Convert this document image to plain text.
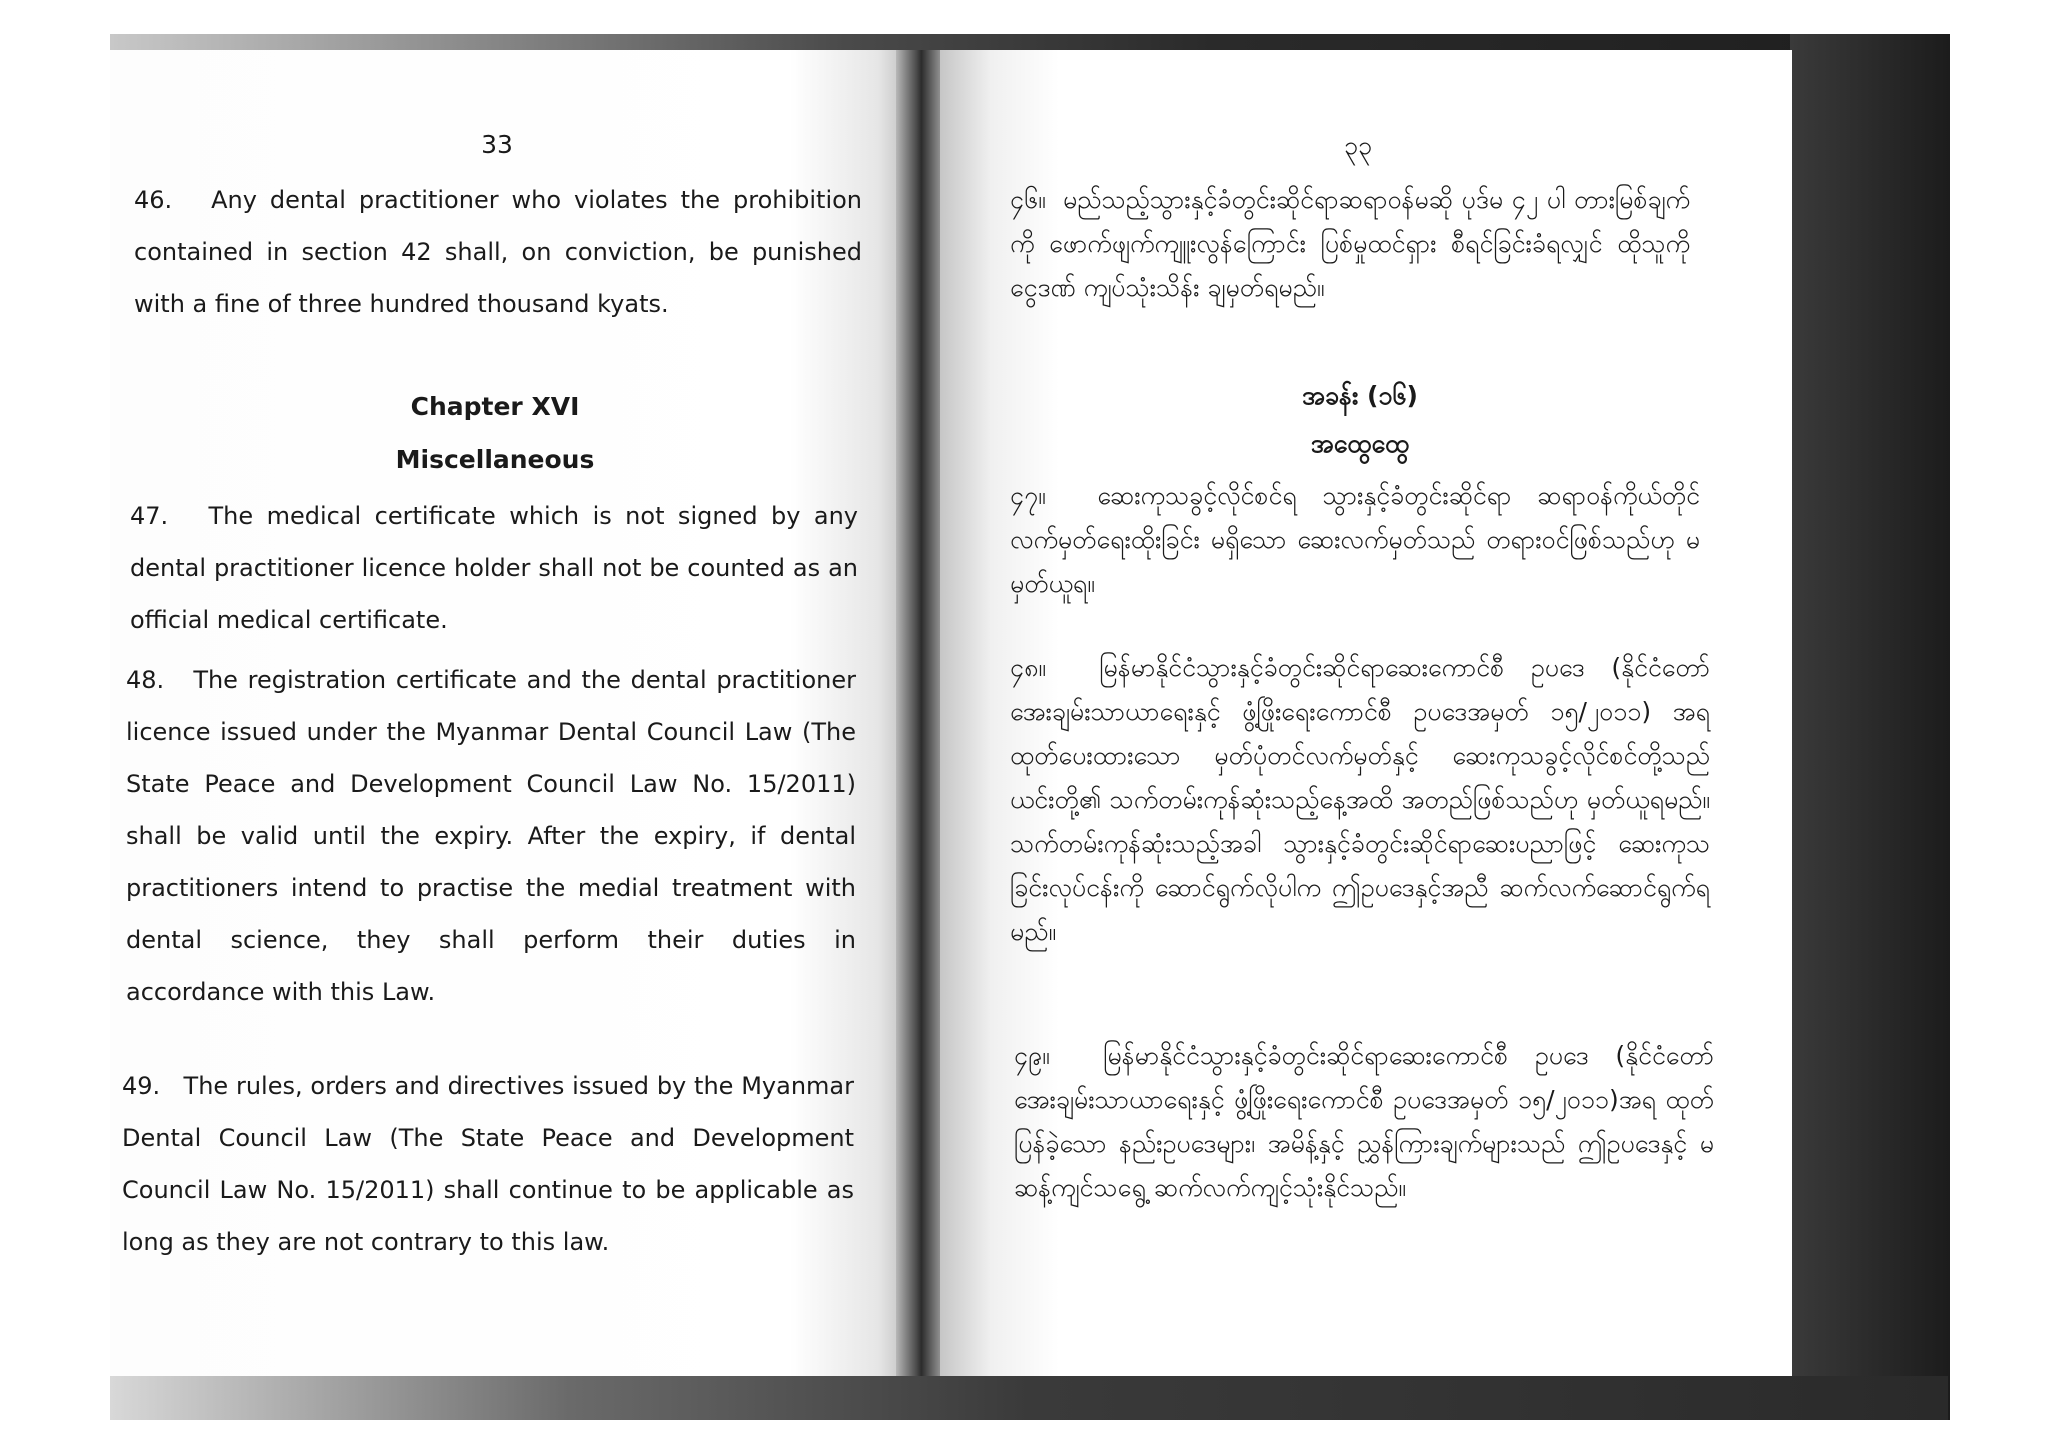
33

46. Any dental practitioner who violates the prohibition contained in section 42 shall, on conviction, be punished with a fine of three hundred thousand kyats.

Chapter XVI
Miscellaneous

47. The medical certificate which is not signed by any dental practitioner licence holder shall not be counted as an official medical certificate.

48. The registration certificate and the dental practitioner licence issued under the Myanmar Dental Council Law (The State Peace and Development Council Law No. 15/2011) shall be valid until the expiry. After the expiry, if dental practitioners intend to practise the medial treatment with dental science, they shall perform their duties in accordance with this Law.

49. The rules, orders and directives issued by the Myanmar Dental Council Law (The State Peace and Development Council Law No. 15/2011) shall continue to be applicable as long as they are not contrary to this law.

၃၃

၄၆။ မည်သည့်သွားနှင့်ခံတွင်းဆိုင်ရာဆရာဝန်မဆို ပုဒ်မ ၄၂ ပါ တားမြစ်ချက်ကို ဖောက်ဖျက်ကျူးလွန်ကြောင်း ပြစ်မှုထင်ရှား စီရင်ခြင်းခံရလျှင် ထိုသူကို ငွေဒဏ် ကျပ်သုံးသိန်း ချမှတ်ရမည်။

အခန်း (၁၆)
အထွေထွေ

၄၇။ ဆေးကုသခွင့်လိုင်စင်ရ သွားနှင့်ခံတွင်းဆိုင်ရာ ဆရာဝန်ကိုယ်တိုင် လက်မှတ်ရေးထိုးခြင်း မရှိသော ဆေးလက်မှတ်သည် တရားဝင်ဖြစ်သည်ဟု မမှတ်ယူရ။

၄၈။ မြန်မာနိုင်ငံသွားနှင့်ခံတွင်းဆိုင်ရာဆေးကောင်စီ ဥပဒေ (နိုင်ငံတော်အေးချမ်းသာယာရေးနှင့် ဖွံ့ဖြိုးရေးကောင်စီ ဥပဒေအမှတ် ၁၅/၂၀၁၁) အရ ထုတ်ပေးထားသော မှတ်ပုံတင်လက်မှတ်နှင့် ဆေးကုသခွင့်လိုင်စင်တို့သည် ယင်းတို့၏ သက်တမ်းကုန်ဆုံးသည့်နေ့အထိ အတည်ဖြစ်သည်ဟု မှတ်ယူရမည်။ သက်တမ်းကုန်ဆုံးသည့်အခါ သွားနှင့်ခံတွင်းဆိုင်ရာဆေးပညာဖြင့် ဆေးကုသခြင်းလုပ်ငန်းကို ဆောင်ရွက်လိုပါက ဤဥပဒေနှင့်အညီ ဆက်လက်ဆောင်ရွက်ရမည်။

၄၉။ မြန်မာနိုင်ငံသွားနှင့်ခံတွင်းဆိုင်ရာဆေးကောင်စီ ဥပဒေ (နိုင်ငံတော်အေးချမ်းသာယာရေးနှင့် ဖွံ့ဖြိုးရေးကောင်စီ ဥပဒေအမှတ် ၁၅/၂၀၁၁)အရ ထုတ်ပြန်ခဲ့သော နည်းဥပဒေများ၊ အမိန့်နှင့် ညွှန်ကြားချက်များသည် ဤဥပဒေနှင့် မဆန့်ကျင်သရွေ့ ဆက်လက်ကျင့်သုံးနိုင်သည်။
